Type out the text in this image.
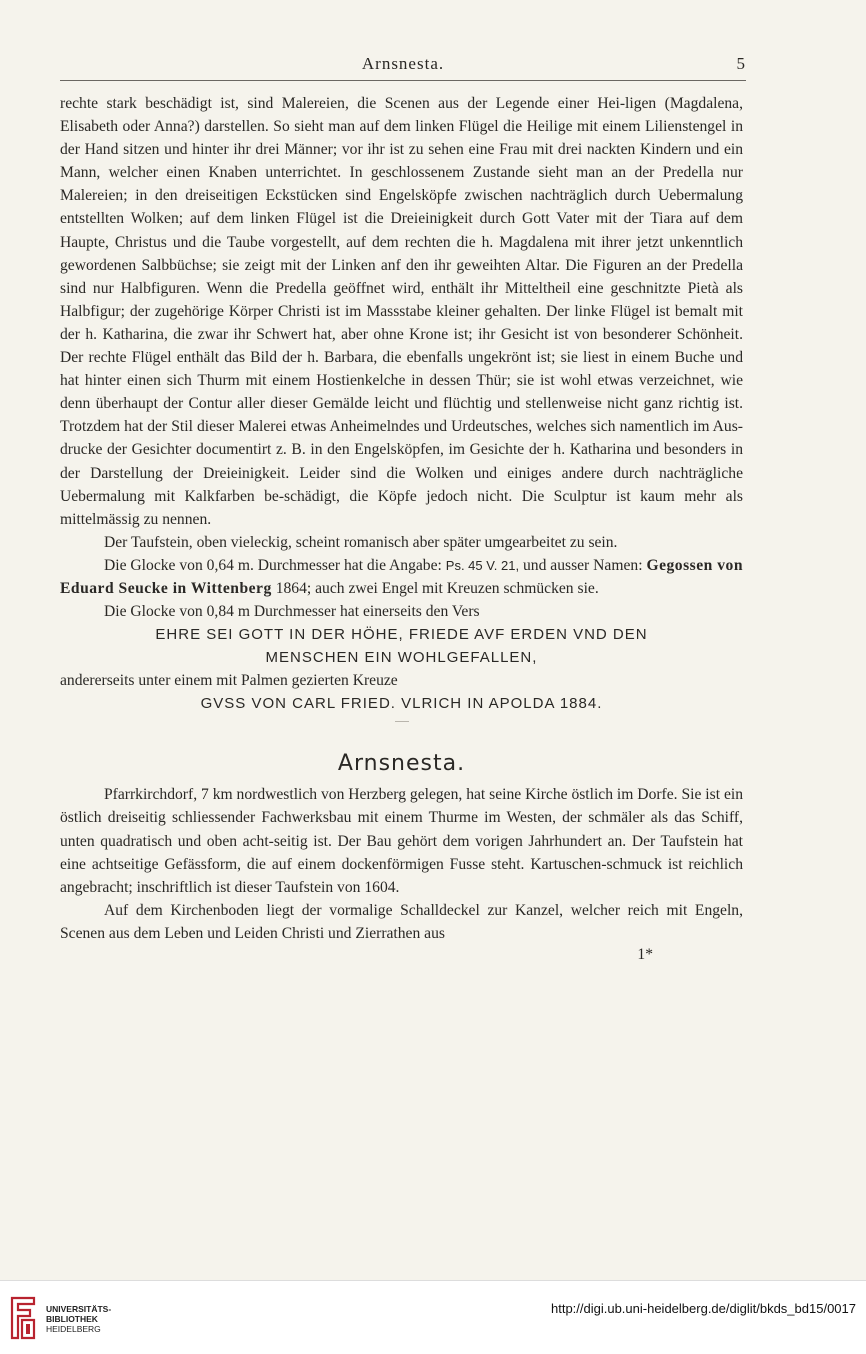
Arnsnesta.	5

rechte stark beschädigt ist, sind Malereien, die Scenen aus der Legende einer Hei-ligen (Magdalena, Elisabeth oder Anna?) darstellen. So sieht man auf dem linken Flügel die Heilige mit einem Lilienstengel in der Hand sitzen und hinter ihr drei Männer; vor ihr ist zu sehen eine Frau mit drei nackten Kindern und ein Mann, welcher einen Knaben unterrichtet. In geschlossenem Zustande sieht man an der Predella nur Malereien; in den dreiseitigen Eckstücken sind Engelsköpfe zwischen nachträglich durch Uebermalung entstellten Wolken; auf dem linken Flügel ist die Dreieinigkeit durch Gott Vater mit der Tiara auf dem Haupte, Christus und die Taube vorgestellt, auf dem rechten die h. Magdalena mit ihrer jetzt unkenntlich gewordenen Salbbüchse; sie zeigt mit der Linken anf den ihr geweihten Altar. Die Figuren an der Predella sind nur Halbfiguren. Wenn die Predella geöffnet wird, enthält ihr Mitteltheil eine geschnitzte Pietà als Halbfigur; der zugehörige Körper Christi ist im Massstabe kleiner gehalten. Der linke Flügel ist bemalt mit der h. Katharina, die zwar ihr Schwert hat, aber ohne Krone ist; ihr Gesicht ist von besonderer Schönheit. Der rechte Flügel enthält das Bild der h. Barbara, die ebenfalls ungekrönt ist; sie liest in einem Buche und hat hinter einen sich Thurm mit einem Hostienkelche in dessen Thür; sie ist wohl etwas verzeichnet, wie denn überhaupt der Contur aller dieser Gemälde leicht und flüchtig und stellenweise nicht ganz richtig ist. Trotzdem hat der Stil dieser Malerei etwas Anheimelndes und Urdeutsches, welches sich namentlich im Aus-drucke der Gesichter documentirt z. B. in den Engelsköpfen, im Gesichte der h. Katharina und besonders in der Darstellung der Dreieinigkeit. Leider sind die Wolken und einiges andere durch nachträgliche Uebermalung mit Kalkfarben be-schädigt, die Köpfe jedoch nicht. Die Sculptur ist kaum mehr als mittelmässig zu nennen.

Der Taufstein, oben vieleckig, scheint romanisch aber später umgearbeitet zu sein.

Die Glocke von 0,64 m. Durchmesser hat die Angabe: Ps. 45 V. 21, und ausser Namen: Gegossen von Eduard Seucke in Wittenberg 1864; auch zwei Engel mit Kreuzen schmücken sie.

Die Glocke von 0,84 m Durchmesser hat einerseits den Vers

EHRE SEI GOTT IN DER HÖHE, FRIEDE AVF ERDEN VND DEN
MENSCHEN EIN WOHLGEFALLEN,

andererseits unter einem mit Palmen gezierten Kreuze

GVSS VON CARL FRIED. VLRICH IN APOLDA 1884.
Arnsnesta.

Pfarrkirchdorf, 7 km nordwestlich von Herzberg gelegen, hat seine Kirche östlich im Dorfe. Sie ist ein östlich dreiseitig schliessender Fachwerksbau mit einem Thurme im Westen, der schmäler als das Schiff, unten quadratisch und oben acht-seitig ist. Der Bau gehört dem vorigen Jahrhundert an. Der Taufstein hat eine achtseitige Gefässform, die auf einem dockenförmigen Fusse steht. Kartuschen-schmuck ist reichlich angebracht; inschriftlich ist dieser Taufstein von 1604.

Auf dem Kirchenboden liegt der vormalige Schalldeckel zur Kanzel, welcher reich mit Engeln, Scenen aus dem Leben und Leiden Christi und Zierrathen aus

1*
UNIVERSITÄTS-
BIBLIOTHEK
HEIDELBERG
http://digi.ub.uni-heidelberg.de/diglit/bkds_bd15/0017
